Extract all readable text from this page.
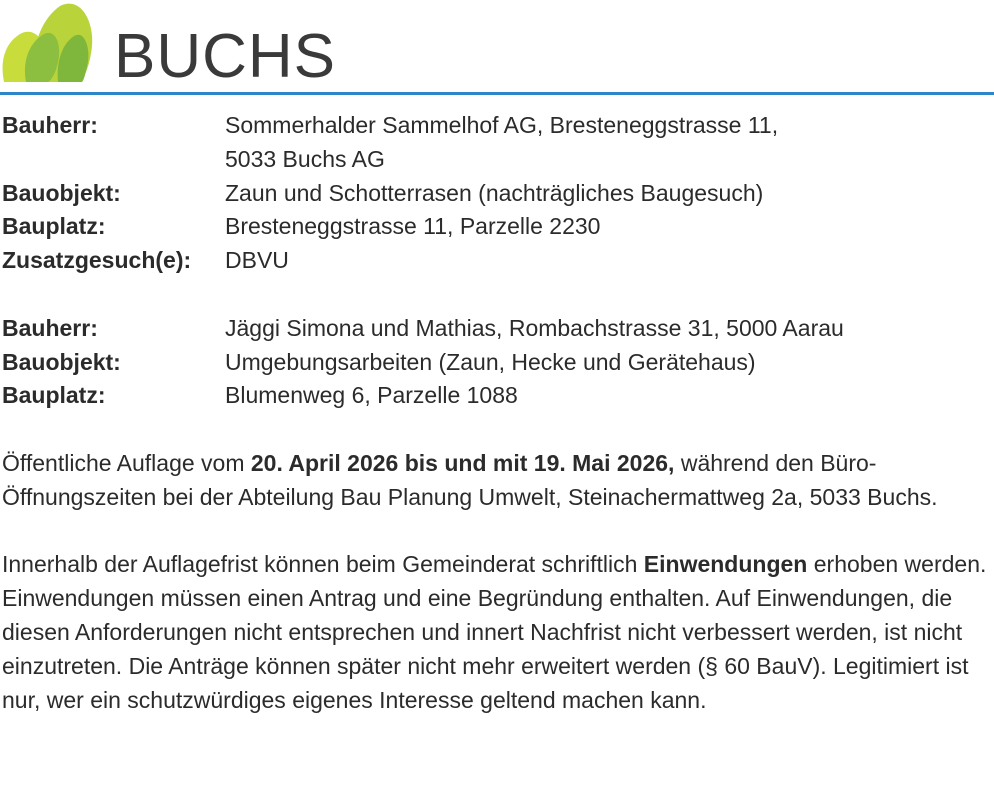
BUCHS
Bauherr:	Sommerhalder Sammelhof AG, Bresteneggstrasse 11,
5033 Buchs AG
Bauobjekt:	Zaun und Schotterrasen (nachträgliches Baugesuch)
Bauplatz:	Bresteneggstrasse 11, Parzelle 2230
Zusatzgesuch(e):	DBVU
Bauherr:	Jäggi Simona und Mathias, Rombachstrasse 31, 5000 Aarau
Bauobjekt:	Umgebungsarbeiten (Zaun, Hecke und Gerätehaus)
Bauplatz:	Blumenweg 6, Parzelle 1088

Öffentliche Auflage vom 20. April 2026 bis und mit 19. Mai 2026, während den Büro-Öffnungszeiten bei der Abteilung Bau Planung Umwelt, Steinachermattweg 2a, 5033 Buchs.

Innerhalb der Auflagefrist können beim Gemeinderat schriftlich Einwendungen erhoben werden. Einwendungen müssen einen Antrag und eine Begründung enthalten. Auf Einwendungen, die diesen Anforderungen nicht entsprechen und innert Nachfrist nicht verbessert werden, ist nicht einzutreten. Die Anträge können später nicht mehr erweitert werden (§ 60 BauV). Legitimiert ist nur, wer ein schutzwürdiges eigenes Interesse geltend machen kann.
